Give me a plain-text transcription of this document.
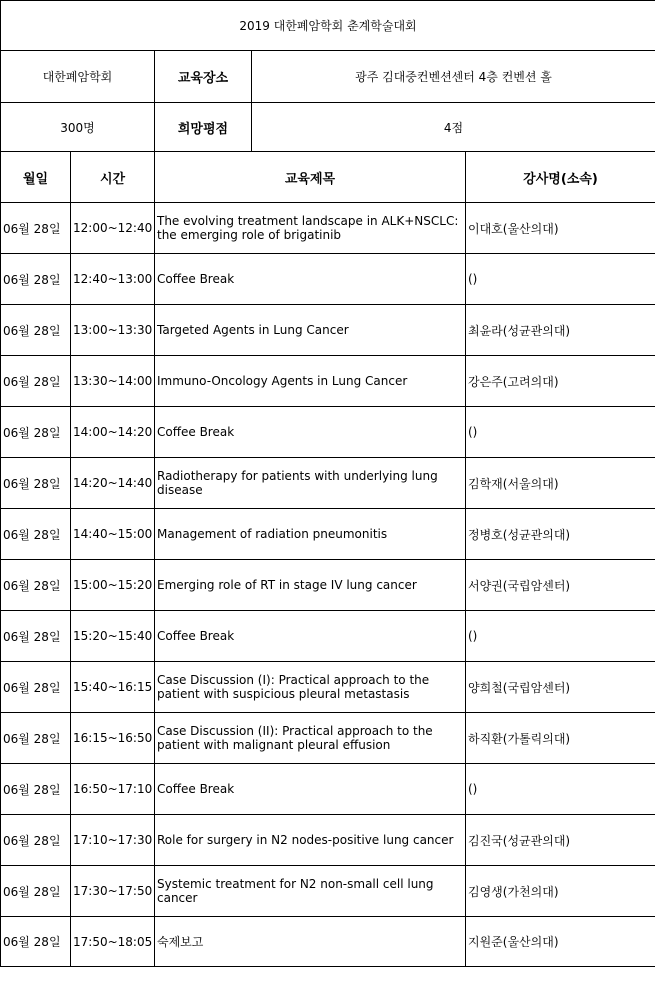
2019 대한폐암학회 춘계학술대회				
대한폐암학회		교육장소	광주 김대중컨벤션센터 4층 컨벤션 홀	
300명		희망평점	4점	
월일	시간	교육제목		강사명(소속)
06월 28일	12:00~12:40	The evolving treatment landscape in ALK+NSCLC: the emerging role of brigatinib		이대호(울산의대)
06월 28일	12:40~13:00	Coffee Break		()
06월 28일	13:00~13:30	Targeted Agents in Lung Cancer		최윤라(성균관의대)
06월 28일	13:30~14:00	Immuno-Oncology Agents in Lung Cancer		강은주(고려의대)
06월 28일	14:00~14:20	Coffee Break		()
06월 28일	14:20~14:40	Radiotherapy for patients with underlying lung disease		김학재(서울의대)
06월 28일	14:40~15:00	Management of radiation pneumonitis		정병호(성균관의대)
06월 28일	15:00~15:20	Emerging role of RT in stage IV lung cancer		서양권(국립암센터)
06월 28일	15:20~15:40	Coffee Break		()
06월 28일	15:40~16:15	Case Discussion (I): Practical approach to the patient with suspicious pleural metastasis		양희철(국립암센터)
06월 28일	16:15~16:50	Case Discussion (II): Practical approach to the patient with malignant pleural effusion		하직환(가톨릭의대)
06월 28일	16:50~17:10	Coffee Break		()
06월 28일	17:10~17:30	Role for surgery in N2 nodes-positive lung cancer		김진국(성균관의대)
06월 28일	17:30~17:50	Systemic treatment for N2 non-small cell lung cancer		김영생(가천의대)
06월 28일	17:50~18:05	숙제보고		지원준(울산의대)
